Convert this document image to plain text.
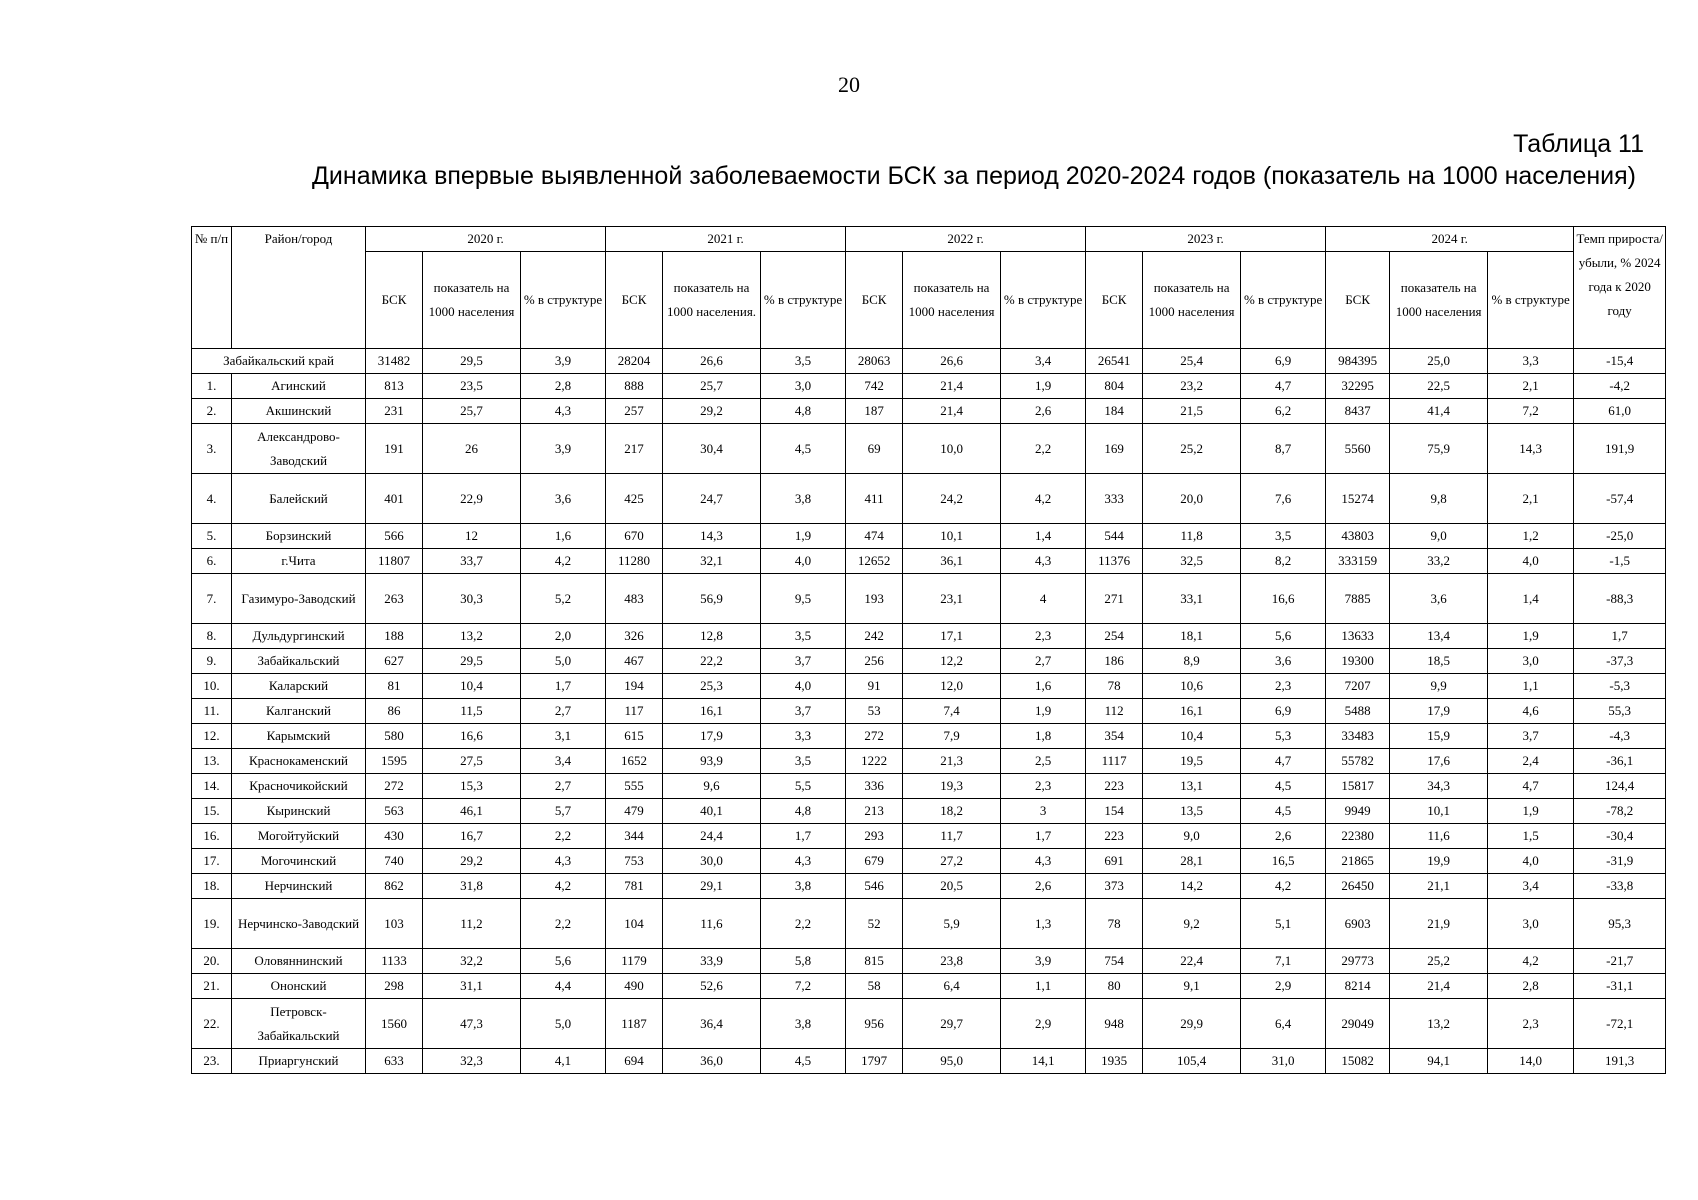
20
Таблица 11
Динамика впервые выявленной заболеваемости БСК за период 2020-2024 годов (показатель на 1000 населения)
№ п/п	Район/город	2020 г.			2021 г.			2022 г.			2023 г.			2024 г.			Темп прироста/ убыли, % 2024 года к 2020 году
		БСК	показатель на 1000 населения	% в структуре	БСК	показатель на 1000 населения.	% в структуре	БСК	показатель на 1000 населения	% в структуре	БСК	показатель на 1000 населения	% в структуре	БСК	показатель на 1000 населения	% в структуре	
Забайкальский край		31482	29,5	3,9	28204	26,6	3,5	28063	26,6	3,4	26541	25,4	6,9	984395	25,0	3,3	-15,4
1.	Агинский	813	23,5	2,8	888	25,7	3,0	742	21,4	1,9	804	23,2	4,7	32295	22,5	2,1	-4,2
2.	Акшинский	231	25,7	4,3	257	29,2	4,8	187	21,4	2,6	184	21,5	6,2	8437	41,4	7,2	61,0
3.	Александрово-Заводский	191	26	3,9	217	30,4	4,5	69	10,0	2,2	169	25,2	8,7	5560	75,9	14,3	191,9
4.	Балейский	401	22,9	3,6	425	24,7	3,8	411	24,2	4,2	333	20,0	7,6	15274	9,8	2,1	-57,4
5.	Борзинский	566	12	1,6	670	14,3	1,9	474	10,1	1,4	544	11,8	3,5	43803	9,0	1,2	-25,0
6.	г.Чита	11807	33,7	4,2	11280	32,1	4,0	12652	36,1	4,3	11376	32,5	8,2	333159	33,2	4,0	-1,5
7.	Газимуро-Заводский	263	30,3	5,2	483	56,9	9,5	193	23,1	4	271	33,1	16,6	7885	3,6	1,4	-88,3
8.	Дульдургинский	188	13,2	2,0	326	12,8	3,5	242	17,1	2,3	254	18,1	5,6	13633	13,4	1,9	1,7
9.	Забайкальский	627	29,5	5,0	467	22,2	3,7	256	12,2	2,7	186	8,9	3,6	19300	18,5	3,0	-37,3
10.	Каларский	81	10,4	1,7	194	25,3	4,0	91	12,0	1,6	78	10,6	2,3	7207	9,9	1,1	-5,3
11.	Калганский	86	11,5	2,7	117	16,1	3,7	53	7,4	1,9	112	16,1	6,9	5488	17,9	4,6	55,3
12.	Карымский	580	16,6	3,1	615	17,9	3,3	272	7,9	1,8	354	10,4	5,3	33483	15,9	3,7	-4,3
13.	Краснокаменский	1595	27,5	3,4	1652	93,9	3,5	1222	21,3	2,5	1117	19,5	4,7	55782	17,6	2,4	-36,1
14.	Красночикойский	272	15,3	2,7	555	9,6	5,5	336	19,3	2,3	223	13,1	4,5	15817	34,3	4,7	124,4
15.	Кыринский	563	46,1	5,7	479	40,1	4,8	213	18,2	3	154	13,5	4,5	9949	10,1	1,9	-78,2
16.	Могойтуйский	430	16,7	2,2	344	24,4	1,7	293	11,7	1,7	223	9,0	2,6	22380	11,6	1,5	-30,4
17.	Могочинский	740	29,2	4,3	753	30,0	4,3	679	27,2	4,3	691	28,1	16,5	21865	19,9	4,0	-31,9
18.	Нерчинский	862	31,8	4,2	781	29,1	3,8	546	20,5	2,6	373	14,2	4,2	26450	21,1	3,4	-33,8
19.	Нерчинско-Заводский	103	11,2	2,2	104	11,6	2,2	52	5,9	1,3	78	9,2	5,1	6903	21,9	3,0	95,3
20.	Оловяннинский	1133	32,2	5,6	1179	33,9	5,8	815	23,8	3,9	754	22,4	7,1	29773	25,2	4,2	-21,7
21.	Ононский	298	31,1	4,4	490	52,6	7,2	58	6,4	1,1	80	9,1	2,9	8214	21,4	2,8	-31,1
22.	Петровск-Забайкальский	1560	47,3	5,0	1187	36,4	3,8	956	29,7	2,9	948	29,9	6,4	29049	13,2	2,3	-72,1
23.	Приаргунский	633	32,3	4,1	694	36,0	4,5	1797	95,0	14,1	1935	105,4	31,0	15082	94,1	14,0	191,3
